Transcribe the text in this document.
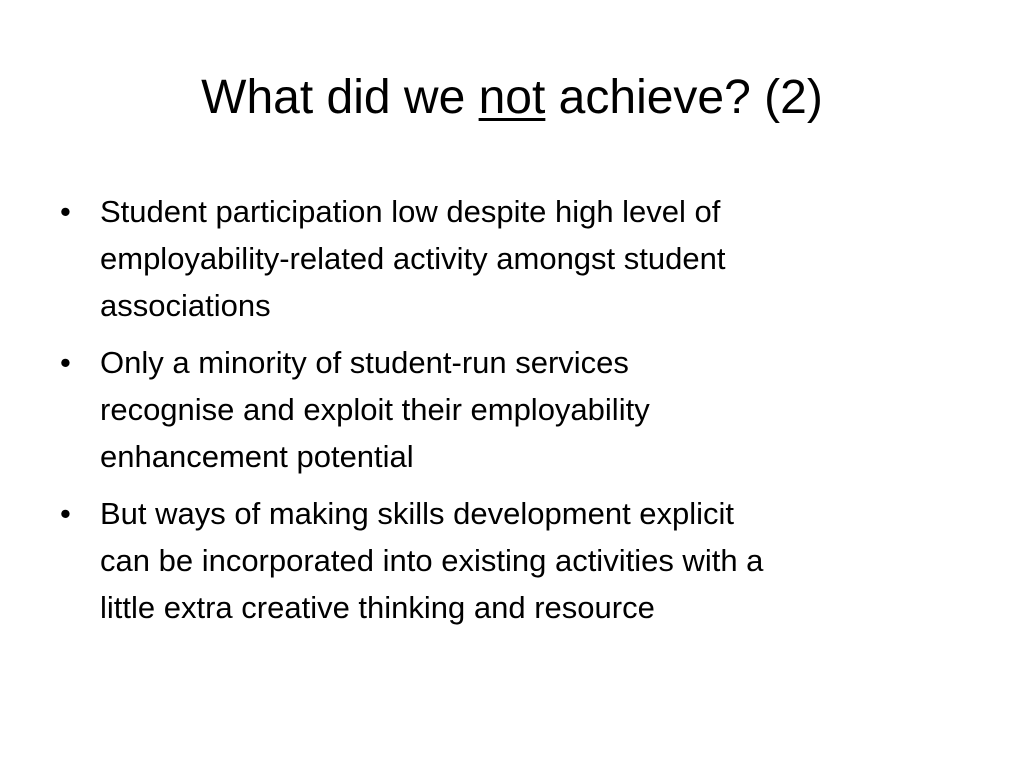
What did we not achieve? (2)
• Student participation low despite high level of
employability-related activity amongst student
associations
• Only a minority of student-run services
recognise and exploit their employability
enhancement potential
• But ways of making skills development explicit
can be incorporated into existing activities with a
little extra creative thinking and resource
